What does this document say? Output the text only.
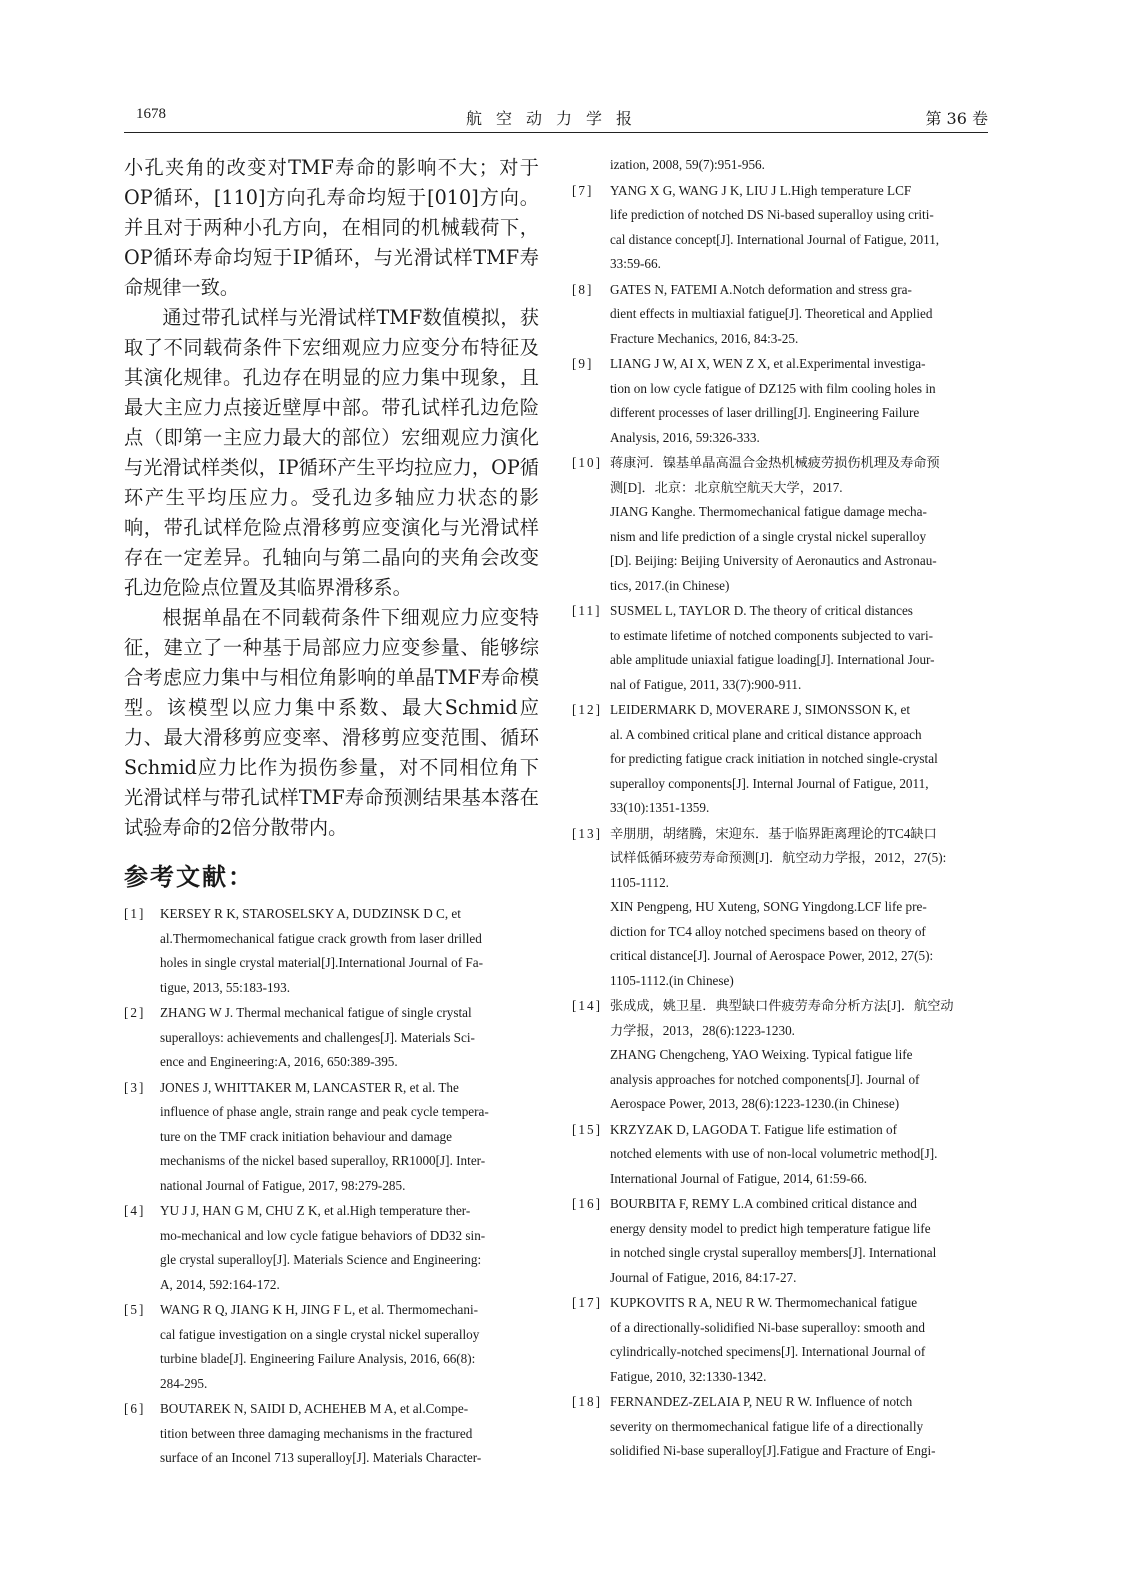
1678	航空动力学报	第 36 卷

小孔夹角的改变对TMF寿命的影响不大；对于OP循环，[110]方向孔寿命均短于[010]方向。并且对于两种小孔方向，在相同的机械载荷下，OP循环寿命均短于IP循环，与光滑试样TMF寿命规律一致。

通过带孔试样与光滑试样TMF数值模拟，获取了不同载荷条件下宏细观应力应变分布特征及其演化规律。孔边存在明显的应力集中现象，且最大主应力点接近壁厚中部。带孔试样孔边危险点（即第一主应力最大的部位）宏细观应力演化与光滑试样类似，IP循环产生平均拉应力，OP循环产生平均压应力。受孔边多轴应力状态的影响，带孔试样危险点滑移剪应变演化与光滑试样存在一定差异。孔轴向与第二晶向的夹角会改变孔边危险点位置及其临界滑移系。

根据单晶在不同载荷条件下细观应力应变特征，建立了一种基于局部应力应变参量、能够综合考虑应力集中与相位角影响的单晶TMF寿命模型。该模型以应力集中系数、最大Schmid应力、最大滑移剪应变率、滑移剪应变范围、循环Schmid应力比作为损伤参量，对不同相位角下光滑试样与带孔试样TMF寿命预测结果基本落在试验寿命的2倍分散带内。

参考文献：
[1]	KERSEY R K, STAROSELSKY A, DUDZINSK D C, et
al.Thermomechanical fatigue crack growth from laser drilled
holes in single crystal material[J].International Journal of Fa-
tigue, 2013, 55:183-193.
[2]	ZHANG W J. Thermal mechanical fatigue of single crystal
superalloys: achievements and challenges[J]. Materials Sci-
ence and Engineering:A, 2016, 650:389-395.
[3]	JONES J, WHITTAKER M, LANCASTER R, et al. The
influence of phase angle, strain range and peak cycle tempera-
ture on the TMF crack initiation behaviour and damage
mechanisms of the nickel based superalloy, RR1000[J]. Inter-
national Journal of Fatigue, 2017, 98:279-285.
[4]	YU J J, HAN G M, CHU Z K, et al.High temperature ther-
mo-mechanical and low cycle fatigue behaviors of DD32 sin-
gle crystal superalloy[J]. Materials Science and Engineering:
A, 2014, 592:164-172.
[5]	WANG R Q, JIANG K H, JING F L, et al. Thermomechani-
cal fatigue investigation on a single crystal nickel superalloy
turbine blade[J]. Engineering Failure Analysis, 2016, 66(8):
284-295.
[6]	BOUTAREK N, SAIDI D, ACHEHEB M A, et al.Compe-
tition between three damaging mechanisms in the fractured
surface of an Inconel 713 superalloy[J]. Materials Character-
ization, 2008, 59(7):951-956.
[7]	YANG X G, WANG J K, LIU J L.High temperature LCF
life prediction of notched DS Ni-based superalloy using criti-
cal distance concept[J]. International Journal of Fatigue, 2011,
33:59-66.
[8]	GATES N, FATEMI A.Notch deformation and stress gra-
dient effects in multiaxial fatigue[J]. Theoretical and Applied
Fracture Mechanics, 2016, 84:3-25.
[9]	LIANG J W, AI X, WEN Z X, et al.Experimental investiga-
tion on low cycle fatigue of DZ125 with film cooling holes in
different processes of laser drilling[J]. Engineering Failure
Analysis, 2016, 59:326-333.
[10] 蒋康河．镍基单晶高温合金热机械疲劳损伤机理及寿命预
测[D]．北京：北京航空航天大学，2017.
JIANG Kanghe. Thermomechanical fatigue damage mecha-
nism and life prediction of a single crystal nickel superalloy
[D]. Beijing: Beijing University of Aeronautics and Astronau-
tics, 2017.(in Chinese)
[11] SUSMEL L, TAYLOR D. The theory of critical distances
to estimate lifetime of notched components subjected to vari-
able amplitude uniaxial fatigue loading[J]. International Jour-
nal of Fatigue, 2011, 33(7):900-911.
[12] LEIDERMARK D, MOVERARE J, SIMONSSON K, et
al. A combined critical plane and critical distance approach
for predicting fatigue crack initiation in notched single-crystal
superalloy components[J]. Internal Journal of Fatigue, 2011,
33(10):1351-1359.
[13] 辛朋朋，胡绪腾，宋迎东．基于临界距离理论的TC4缺口
试样低循环疲劳寿命预测[J]．航空动力学报，2012，27(5):
1105-1112.
XIN Pengpeng, HU Xuteng, SONG Yingdong.LCF life pre-
diction for TC4 alloy notched specimens based on theory of
critical distance[J]. Journal of Aerospace Power, 2012, 27(5):
1105-1112.(in Chinese)
[14] 张成成，姚卫星．典型缺口件疲劳寿命分析方法[J]．航空动
力学报，2013，28(6):1223-1230.
ZHANG Chengcheng, YAO Weixing. Typical fatigue life
analysis approaches for notched components[J]. Journal of
Aerospace Power, 2013, 28(6):1223-1230.(in Chinese)
[15] KRZYZAK D, LAGODA T. Fatigue life estimation of
notched elements with use of non-local volumetric method[J].
International Journal of Fatigue, 2014, 61:59-66.
[16] BOURBITA F, REMY L.A combined critical distance and
energy density model to predict high temperature fatigue life
in notched single crystal superalloy members[J]. International
Journal of Fatigue, 2016, 84:17-27.
[17] KUPKOVITS R A, NEU R W. Thermomechanical fatigue
of a directionally-solidified Ni-base superalloy: smooth and
cylindrically-notched specimens[J]. International Journal of
Fatigue, 2010, 32:1330-1342.
[18] FERNANDEZ-ZELAIA P, NEU R W. Influence of notch
severity on thermomechanical fatigue life of a directionally
solidified Ni-base superalloy[J].Fatigue and Fracture of Engi-
